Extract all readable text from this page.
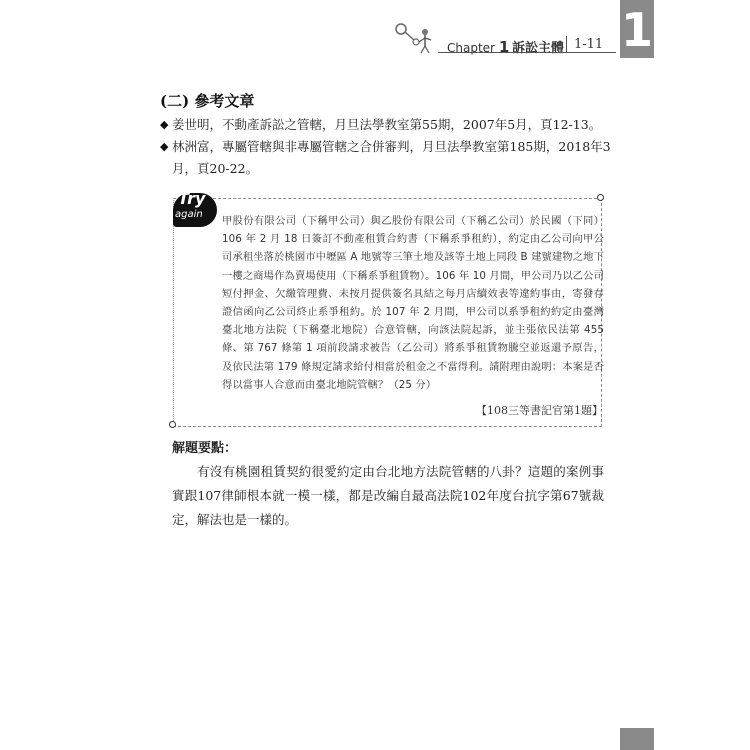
Chapter 1 訴訟主體 1-11 1
(二) 參考文章
◆ 姜世明，不動產訴訟之管轄，月旦法學教室第55期，2007年5月，頁12-13。
◆ 林洲富，專屬管轄與非專屬管轄之合併審判，月旦法學教室第185期，2018年3月，頁20-22。
Try
again
甲股份有限公司（下稱甲公司）與乙股份有限公司（下稱乙公司）於民國（下同）106 年 2 月 18 日簽訂不動產租賃合約書（下稱系爭租約），約定由乙公司向甲公司承租坐落於桃園市中壢區 A 地號等三筆土地及該等土地上同段 B 建號建物之地下一樓之商場作為賣場使用（下稱系爭租賃物）。106 年 10 月間，甲公司乃以乙公司短付押金、欠繳管理費、未按月提供簽名具結之每月店續效表等違約事由，寄發存證信函向乙公司終止系爭租約。於 107 年 2 月間，甲公司以系爭租約約定由臺灣臺北地方法院（下稱臺北地院）合意管轄，向該法院起訴，並主張依民法第 455 條、第 767 條第 1 項前段請求被告（乙公司）將系爭租賃物騰空並返還予原告，及依民法第 179 條規定請求給付相當於租金之不當得利。請附理由說明：本案是否得以當事人合意而由臺北地院管轄？（25 分）
【108三等書記官第1題】
解題要點：
有沒有桃園租賃契約很愛約定由台北地方法院管轄的八卦？這題的案例事實跟107律師根本就一模一樣，都是改編自最高法院102年度台抗字第67號裁定，解法也是一樣的。
